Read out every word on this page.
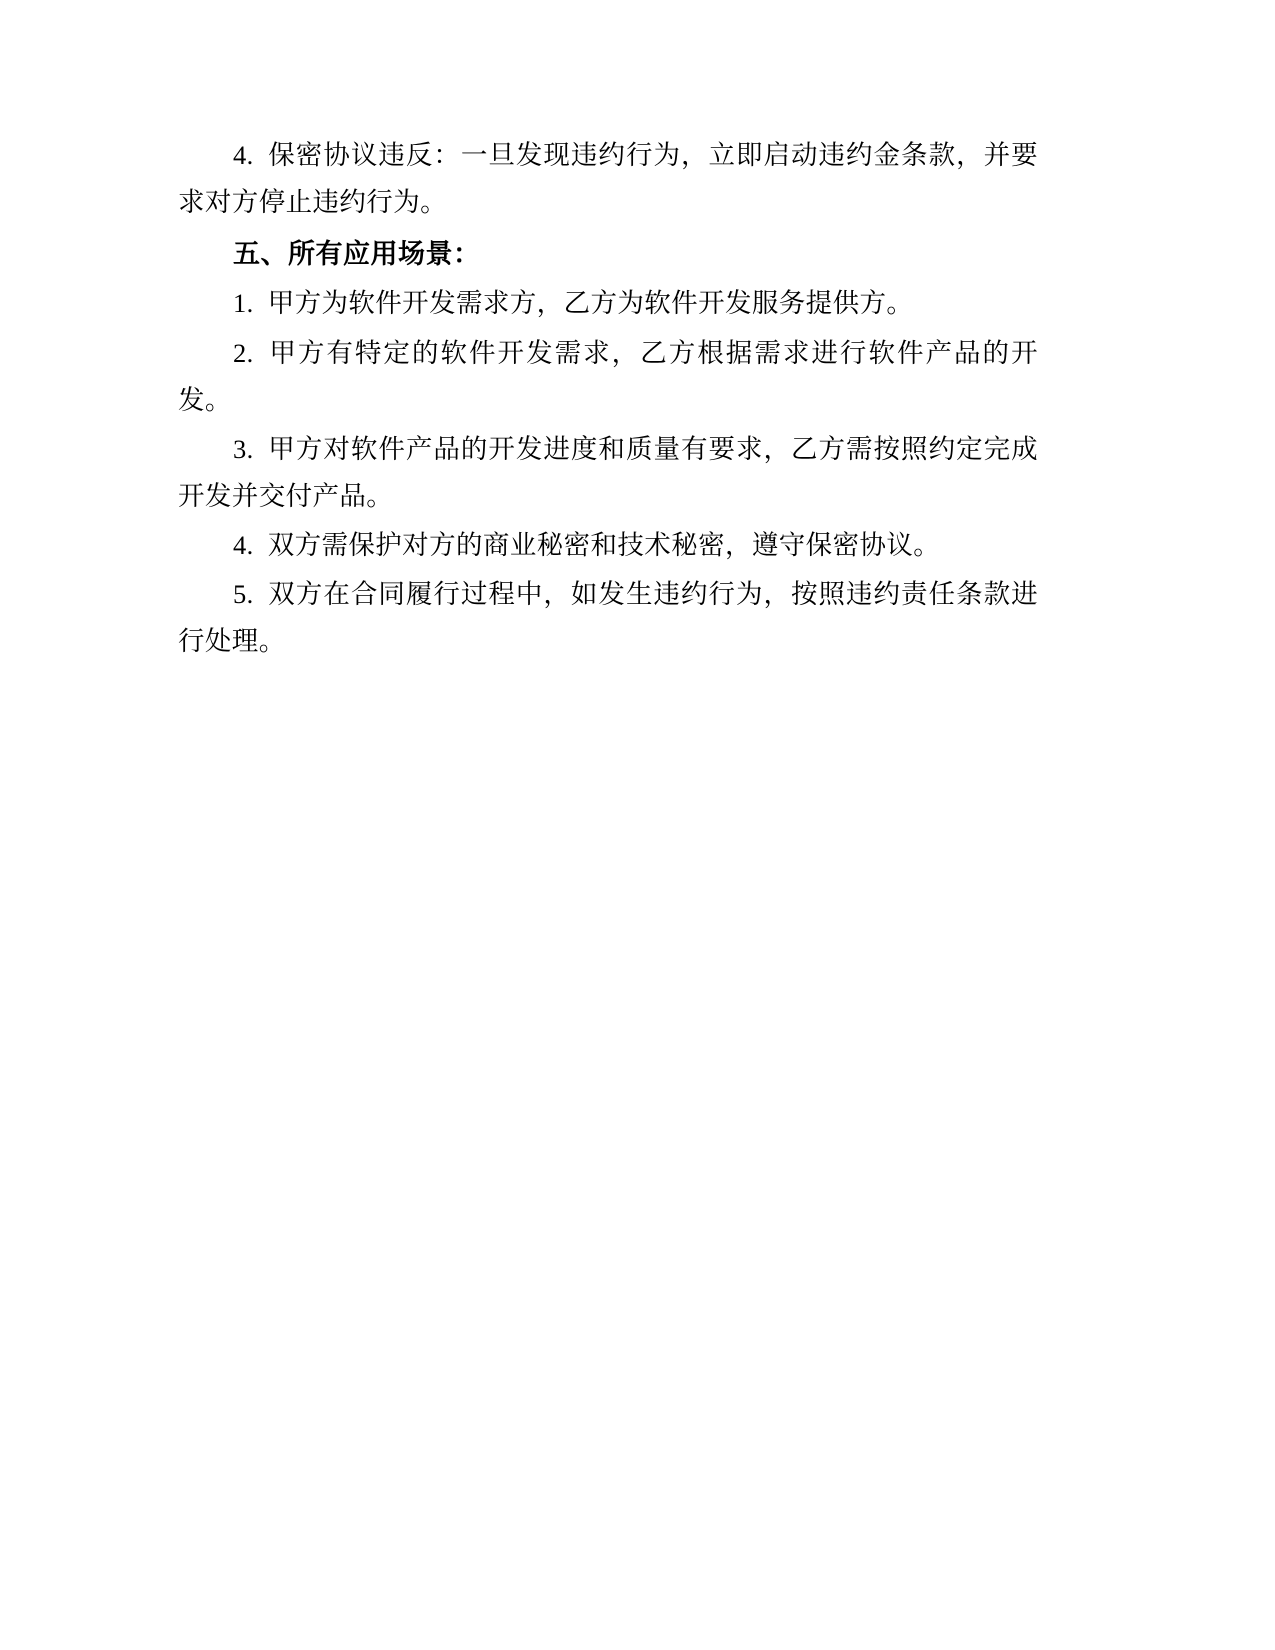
4. 保密协议违反：一旦发现违约行为，立即启动违约金条款，并要求对方停止违约行为。

五、所有应用场景：

1. 甲方为软件开发需求方，乙方为软件开发服务提供方。

2. 甲方有特定的软件开发需求，乙方根据需求进行软件产品的开发。

3. 甲方对软件产品的开发进度和质量有要求，乙方需按照约定完成开发并交付产品。

4. 双方需保护对方的商业秘密和技术秘密，遵守保密协议。

5. 双方在合同履行过程中，如发生违约行为，按照违约责任条款进行处理。
